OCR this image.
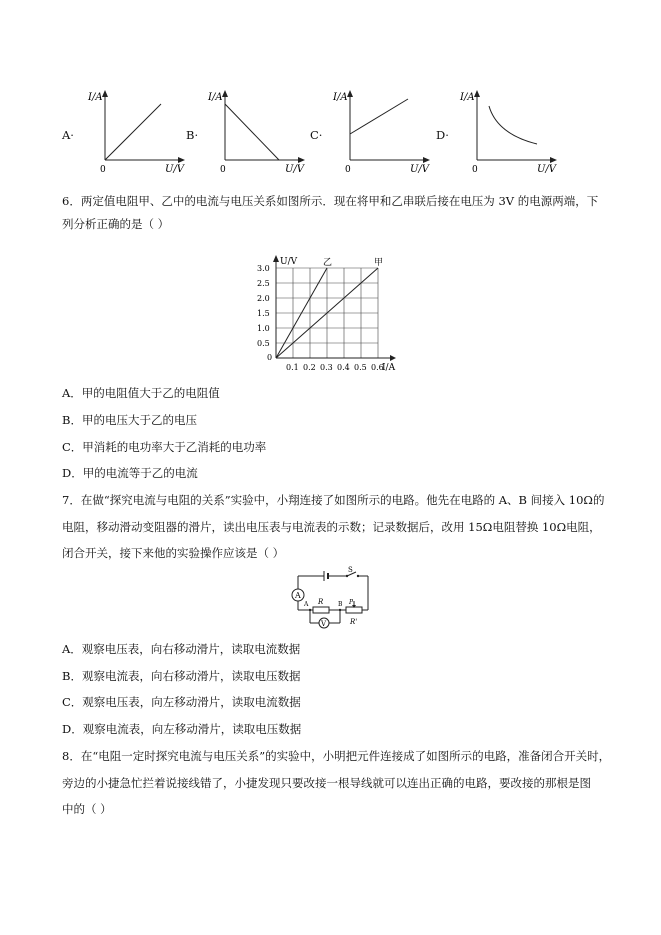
A·
I/A
0	U/V
B·
I/A
0	U/V
C·
I/A
0	U/V
D·
I/A
0	U/V
6．两定值电阻甲、乙中的电流与电压关系如图所示．现在将甲和乙串联后接在电压为 3V 的电源两端，下
列分析正确的是（ ）
U/V
I/A
0
0.1 0.2 0.3 0.4 0.5 0.6
0.5
1.0
1.5
2.0
2.5
3.0
乙	甲
A．甲的电阻值大于乙的电阻值
B．甲的电压大于乙的电压
C．甲消耗的电功率大于乙消耗的电功率
D．甲的电流等于乙的电流
7．在做“探究电流与电阻的关系”实验中，小翔连接了如图所示的电路。他先在电路的 A、B 间接入 10Ω的
电阻，移动滑动变阻器的滑片，读出电压表与电流表的示数；记录数据后，改用 15Ω电阻替换 10Ω电阻，
闭合开关，接下来他的实验操作应该是（ ）
S
A
A R B P
R'
V
A．观察电压表，向右移动滑片，读取电流数据
B．观察电流表，向右移动滑片，读取电压数据
C．观察电压表，向左移动滑片，读取电流数据
D．观察电流表，向左移动滑片，读取电压数据
8．在“电阻一定时探究电流与电压关系”的实验中，小明把元件连接成了如图所示的电路，准备闭合开关时，
旁边的小捷急忙拦着说接线错了，小捷发现只要改接一根导线就可以连出正确的电路，要改接的那根是图
中的（ ）
